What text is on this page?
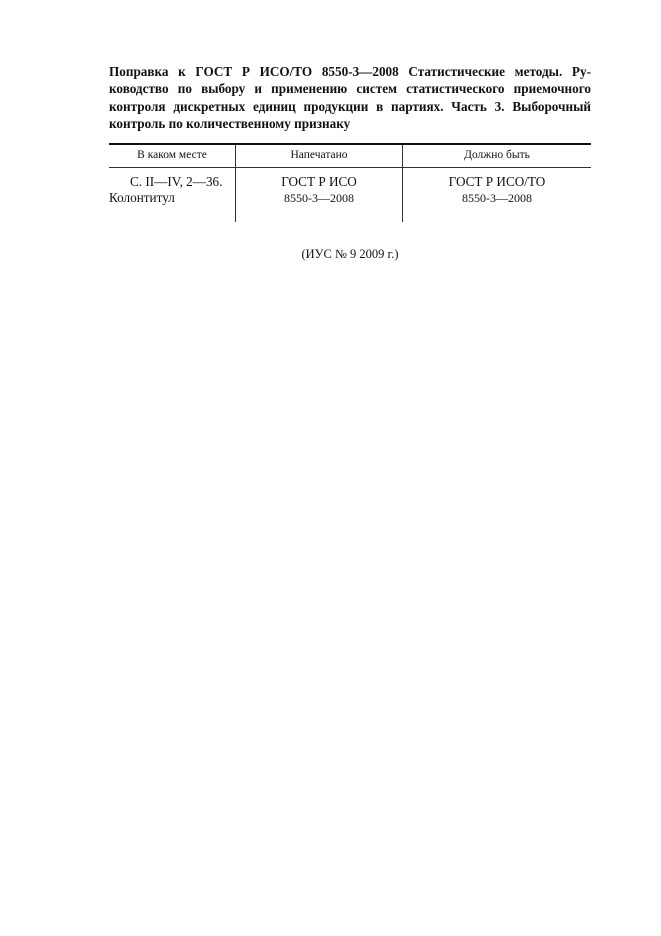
Поправка к ГОСТ Р ИСО/ТО 8550-3—2008 Статистические методы. Руководство по выбору и применению систем статистического приемочного контроля дискретных единиц продукции в партиях. Часть 3. Выборочный контроль по количественному признаку

В каком месте	Напечатано	Должно быть
С. II—IV, 2—36.
Колонтитул
ГОСТ Р ИСО
8550-3—2008
ГОСТ Р ИСО/ТО
8550-3—2008

(ИУС № 9 2009 г.)
